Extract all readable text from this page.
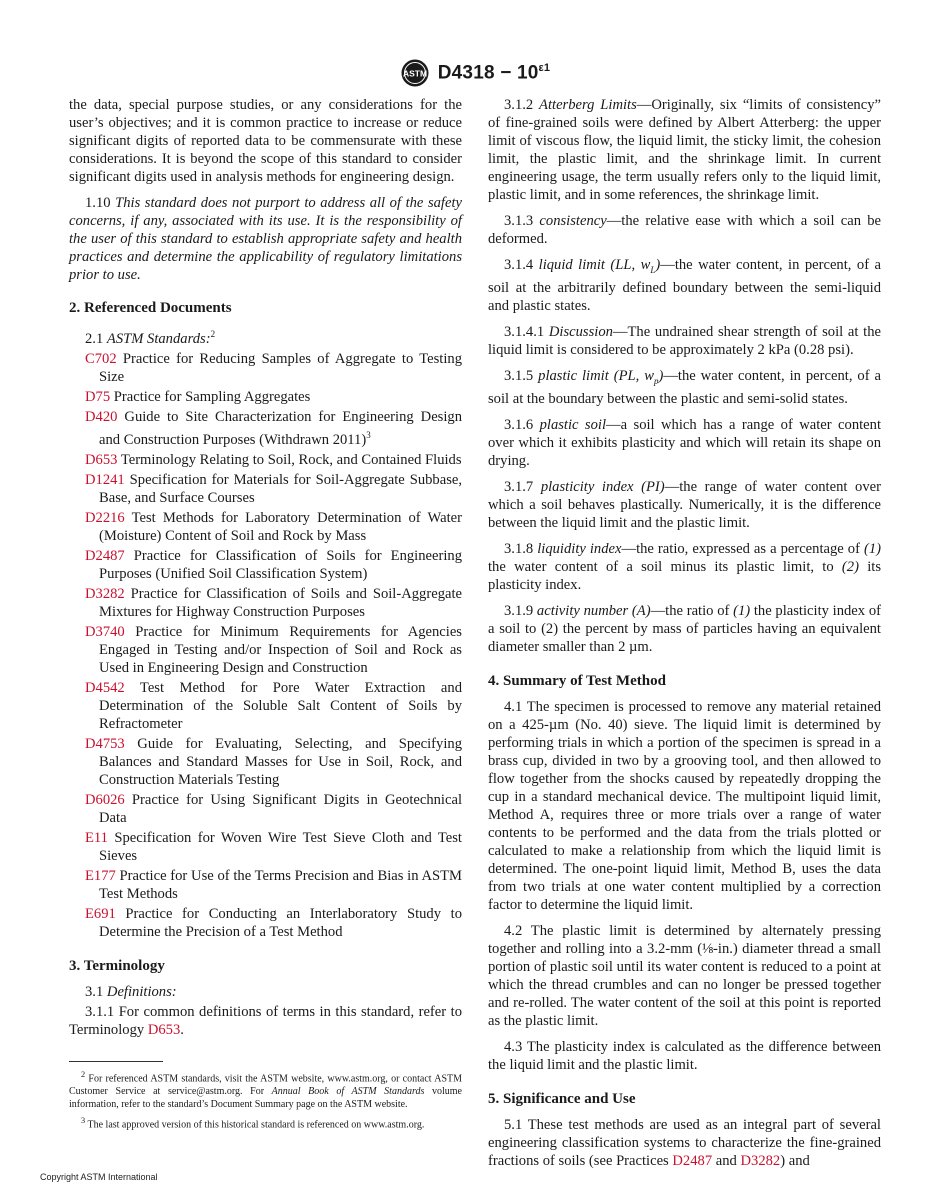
ASTM $D4318 - 10^{\varepsilon 1}$

the data, special purpose studies, or any considerations for the user’s objectives; and it is common practice to increase or reduce significant digits of reported data to be commensurate with these considerations. It is beyond the scope of this standard to consider significant digits used in analysis methods for engineering design.

1.10 This standard does not purport to address all of the safety concerns, if any, associated with its use. It is the responsibility of the user of this standard to establish appropriate safety and health practices and determine the applicability of regulatory limitations prior to use.

2. Referenced Documents
2.1 ASTM Standards:$^2$
C702 Practice for Reducing Samples of Aggregate to Testing Size
D75 Practice for Sampling Aggregates
D420 Guide to Site Characterization for Engineering Design and Construction Purposes (Withdrawn 2011)$^3$
D653 Terminology Relating to Soil, Rock, and Contained Fluids
D1241 Specification for Materials for Soil-Aggregate Subbase, Base, and Surface Courses
D2216 Test Methods for Laboratory Determination of Water (Moisture) Content of Soil and Rock by Mass
D2487 Practice for Classification of Soils for Engineering Purposes (Unified Soil Classification System)
D3282 Practice for Classification of Soils and Soil-Aggregate Mixtures for Highway Construction Purposes
D3740 Practice for Minimum Requirements for Agencies Engaged in Testing and/or Inspection of Soil and Rock as Used in Engineering Design and Construction
D4542 Test Method for Pore Water Extraction and Determination of the Soluble Salt Content of Soils by Refractometer
D4753 Guide for Evaluating, Selecting, and Specifying Balances and Standard Masses for Use in Soil, Rock, and Construction Materials Testing
D6026 Practice for Using Significant Digits in Geotechnical Data
E11 Specification for Woven Wire Test Sieve Cloth and Test Sieves
E177 Practice for Use of the Terms Precision and Bias in ASTM Test Methods
E691 Practice for Conducting an Interlaboratory Study to Determine the Precision of a Test Method
3. Terminology
3.1 Definitions:

3.1.1 For common definitions of terms in this standard, refer to Terminology D653.

$^2$ For referenced ASTM standards, visit the ASTM website, www.astm.org, or contact ASTM Customer Service at service@astm.org. For Annual Book of ASTM Standards volume information, refer to the standard’s Document Summary page on the ASTM website.

$^3$ The last approved version of this historical standard is referenced on www.astm.org.

3.1.2 Atterberg Limits—Originally, six “limits of consistency” of fine-grained soils were defined by Albert Atterberg: the upper limit of viscous flow, the liquid limit, the sticky limit, the cohesion limit, the plastic limit, and the shrinkage limit. In current engineering usage, the term usually refers only to the liquid limit, plastic limit, and in some references, the shrinkage limit.

3.1.3 consistency—the relative ease with which a soil can be deformed.

3.1.4 liquid limit (LL, $w_L)—the$ water content, in percent, of a soil at the arbitrarily defined boundary between the semi-liquid and plastic states.

3.1.4.1 Discussion—The undrained shear strength of soil at the liquid limit is considered to be approximately 2 kPa (0.28 psi).

3.1.5 plastic limit (PL, $w_p)—the$ water content, in percent, of a soil at the boundary between the plastic and semi-solid states.

3.1.6 plastic soil—a soil which has a range of water content over which it exhibits plasticity and which will retain its shape on drying.

3.1.7 plasticity index (PI)—the range of water content over which a soil behaves plastically. Numerically, it is the difference between the liquid limit and the plastic limit.

3.1.8 liquidity index—the ratio, expressed as a percentage of (1) the water content of a soil minus its plastic limit, to (2) its plasticity index.

3.1.9 activity number (A)—the ratio of (1) the plasticity index of a soil to (2) the percent by mass of particles having an equivalent diameter smaller than 2 µm.

4. Summary of Test Method

4.1 The specimen is processed to remove any material retained on a 425-µm (No. 40) sieve. The liquid limit is determined by performing trials in which a portion of the specimen is spread in a brass cup, divided in two by a grooving tool, and then allowed to flow together from the shocks caused by repeatedly dropping the cup in a standard mechanical device. The multipoint liquid limit, Method A, requires three or more trials over a range of water contents to be performed and the data from the trials plotted or calculated to make a relationship from which the liquid limit is determined. The one-point liquid limit, Method B, uses the data from two trials at one water content multiplied by a correction factor to determine the liquid limit.

4.2 The plastic limit is determined by alternately pressing together and rolling into a 3.2-mm (⅛-in.) diameter thread a small portion of plastic soil until its water content is reduced to a point at which the thread crumbles and can no longer be pressed together and re-rolled. The water content of the soil at this point is reported as the plastic limit.

4.3 The plasticity index is calculated as the difference between the liquid limit and the plastic limit.

5. Significance and Use

5.1 These test methods are used as an integral part of several engineering classification systems to characterize the fine-grained fractions of soils (see Practices D2487 and D3282) and

Copyright ASTM International
